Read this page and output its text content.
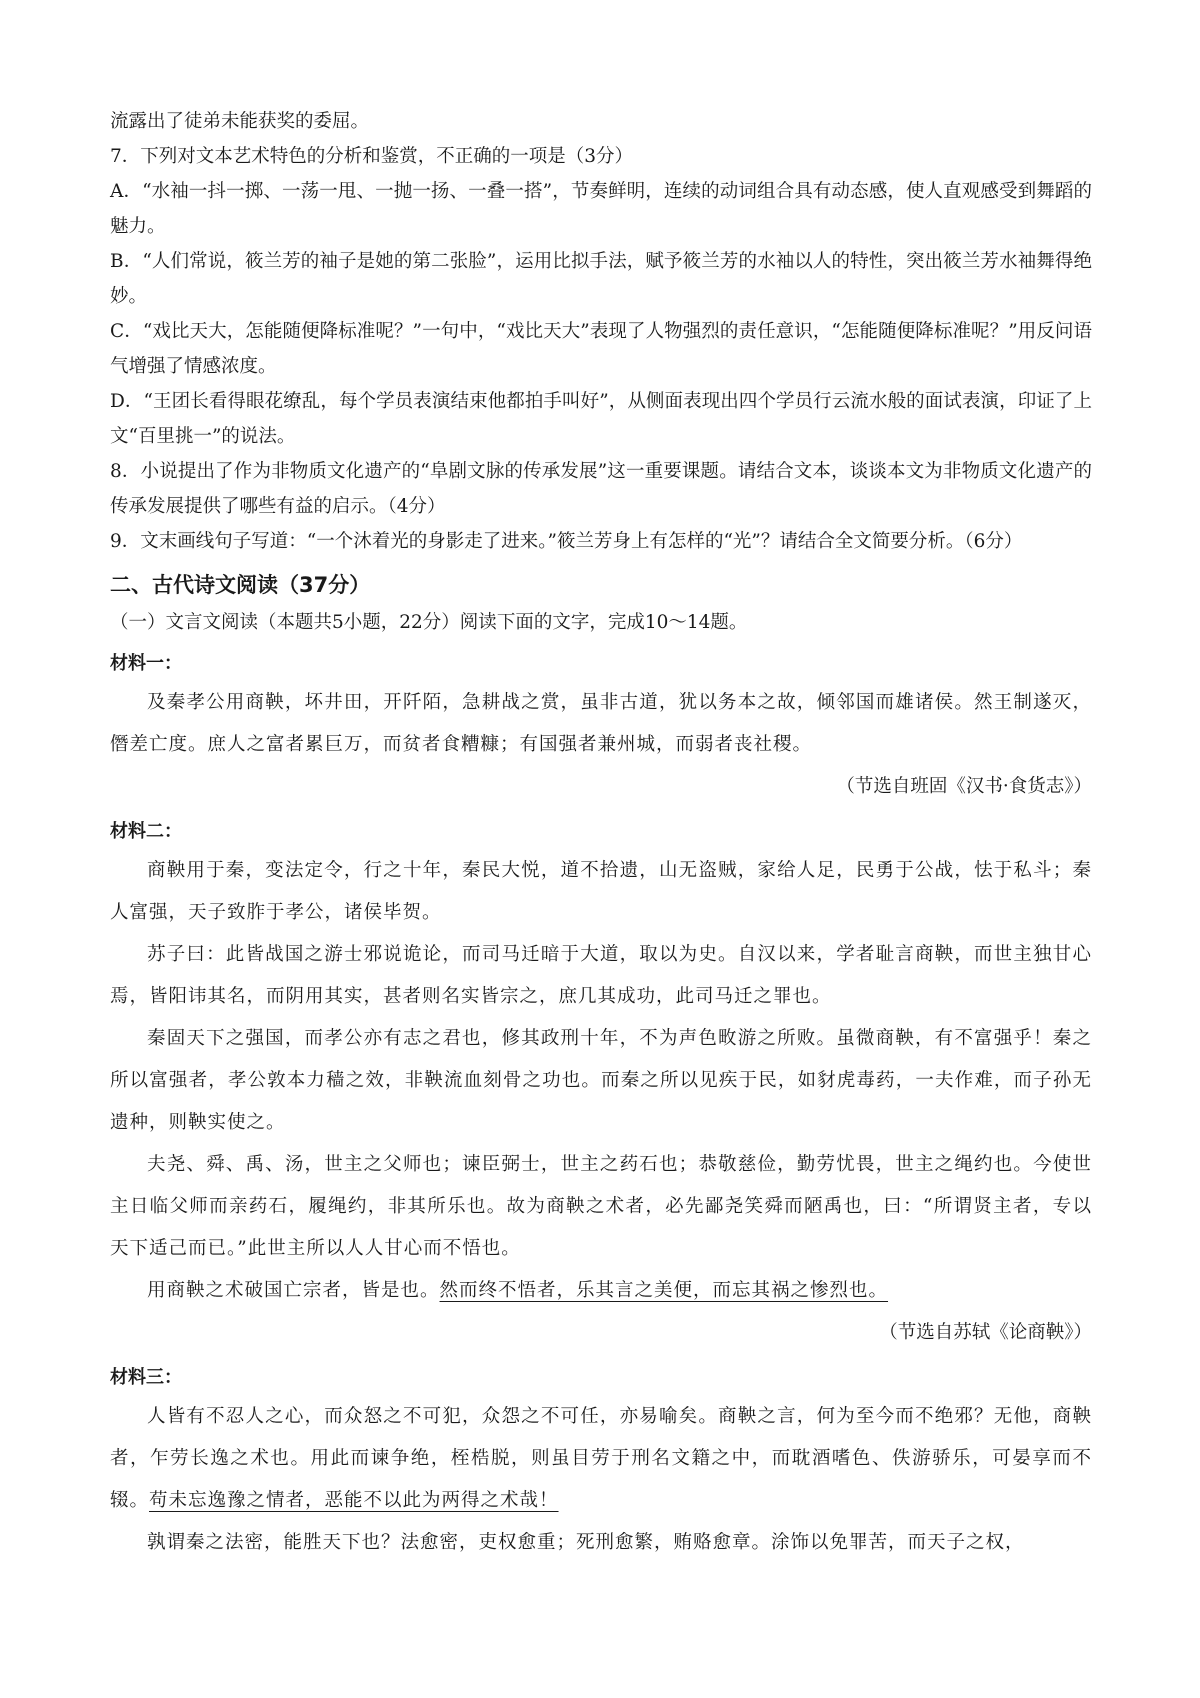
流露出了徒弟未能获奖的委屈。

7．下列对文本艺术特色的分析和鉴赏，不正确的一项是（3分）

A．“水袖一抖一掷、一荡一甩、一抛一扬、一叠一搭”，节奏鲜明，连续的动词组合具有动态感，使人直观感受到舞蹈的魅力。

B．“人们常说，筱兰芳的袖子是她的第二张脸”，运用比拟手法，赋予筱兰芳的水袖以人的特性，突出筱兰芳水袖舞得绝妙。

C．“戏比天大，怎能随便降标准呢？”一句中，“戏比天大”表现了人物强烈的责任意识，“怎能随便降标准呢？”用反问语气增强了情感浓度。

D．“王团长看得眼花缭乱，每个学员表演结束他都拍手叫好”，从侧面表现出四个学员行云流水般的面试表演，印证了上文“百里挑一”的说法。

8．小说提出了作为非物质文化遗产的“阜剧文脉的传承发展”这一重要课题。请结合文本，谈谈本文为非物质文化遗产的传承发展提供了哪些有益的启示。（4分）

9．文末画线句子写道：“一个沐着光的身影走了进来。”筱兰芳身上有怎样的“光”？请结合全文简要分析。（6分）

二、古代诗文阅读（37分）

（一）文言文阅读（本题共5小题，22分）阅读下面的文字，完成10～14题。

材料一：

及秦孝公用商鞅，坏井田，开阡陌，急耕战之赏，虽非古道，犹以务本之故，倾邻国而雄诸侯。然王制遂灭，僭差亡度。庶人之富者累巨万，而贫者食糟糠；有国强者兼州城，而弱者丧社稷。

（节选自班固《汉书·食货志》）

材料二：

商鞅用于秦，变法定令，行之十年，秦民大悦，道不拾遗，山无盗贼，家给人足，民勇于公战，怯于私斗；秦人富强，天子致胙于孝公，诸侯毕贺。

苏子曰：此皆战国之游士邪说诡论，而司马迁暗于大道，取以为史。自汉以来，学者耻言商鞅，而世主独甘心焉，皆阳讳其名，而阴用其实，甚者则名实皆宗之，庶几其成功，此司马迁之罪也。

秦固天下之强国，而孝公亦有志之君也，修其政刑十年，不为声色畋游之所败。虽微商鞅，有不富强乎！秦之所以富强者，孝公敦本力穑之效，非鞅流血刻骨之功也。而秦之所以见疾于民，如豺虎毒药，一夫作难，而子孙无遗种，则鞅实使之。

夫尧、舜、禹、汤，世主之父师也；谏臣弼士，世主之药石也；恭敬慈俭，勤劳忧畏，世主之绳约也。今使世主日临父师而亲药石，履绳约，非其所乐也。故为商鞅之术者，必先鄙尧笑舜而陋禹也，曰：“所谓贤主者，专以天下适己而已。”此世主所以人人甘心而不悟也。

用商鞅之术破国亡宗者，皆是也。然而终不悟者，乐其言之美便，而忘其祸之惨烈也。

（节选自苏轼《论商鞅》）

材料三：

人皆有不忍人之心，而众怒之不可犯，众怨之不可任，亦易喻矣。商鞅之言，何为至今而不绝邪？无他，商鞅者，乍劳长逸之术也。用此而谏争绝，桎梏脱，则虽目劳于刑名文籍之中，而耽酒嗜色、佚游骄乐，可晏享而不辍。苟未忘逸豫之情者，恶能不以此为两得之术哉！

孰谓秦之法密，能胜天下也？法愈密，吏权愈重；死刑愈繁，贿赂愈章。涂饰以免罪苦，而天子之权，
